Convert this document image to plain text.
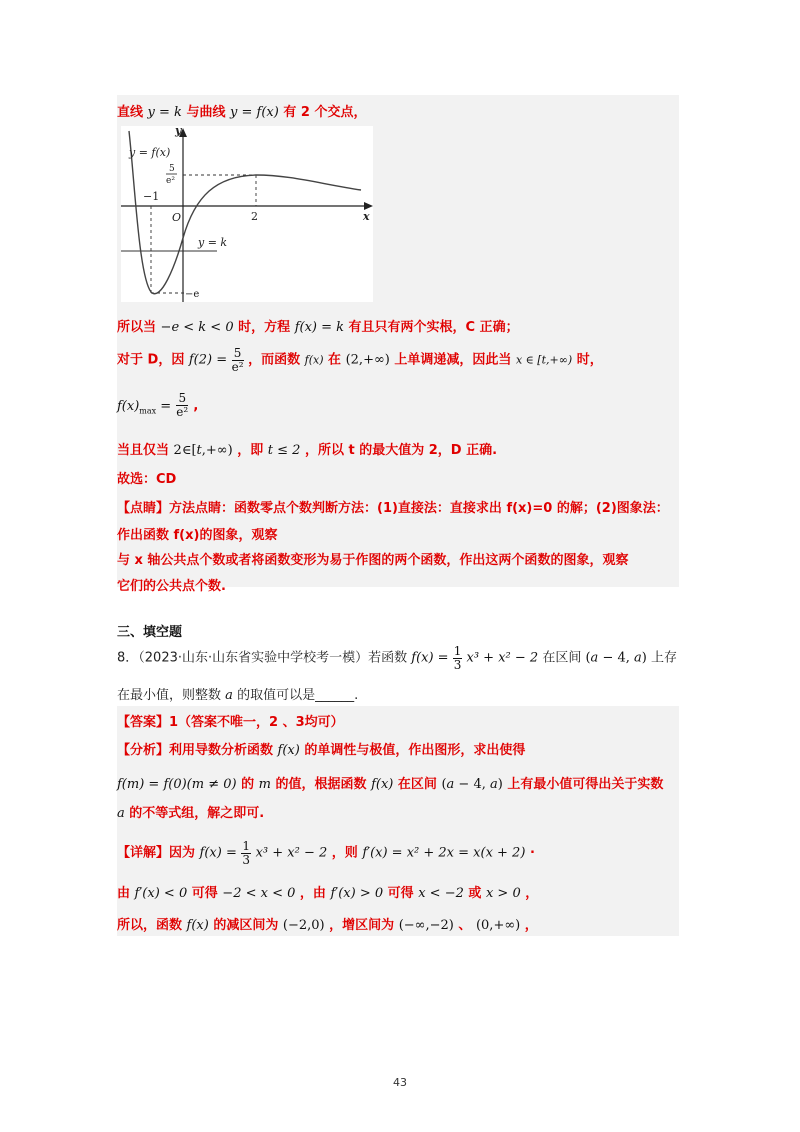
直线 y = k 与曲线 y = f(x) 有 2 个交点，
y = f(x)
y = k
y
x
O
−1
2
5
e²
−e
所以当 −e < k < 0 时，方程 f(x) = k 有且只有两个实根，C 正确；
对于 D，因 $f(2) = \frac{5}{\text{e²}}$ ，而函数 f(x) 在 (2,+∞) 上单调递减，因此当 x ∈ [t,+∞) 时，
$f(x)_{max} = \frac{5}{\text{e²}}$ ,
当且仅当 2∈[t,+∞) ，即 t ≤ 2 ，所以 t 的最大值为 2，D 正确.
故选：CD
【点睛】方法点睛：函数零点个数判断方法：(1)直接法：直接求出 f(x)=0 的解；(2)图象法：
作出函数 f(x)的图象，观察
与 x 轴公共点个数或者将函数变形为易于作图的两个函数，作出这两个函数的图象，观察
它们的公共点个数.
三、填空题
8．（2023·山东·山东省实验中学校考一模）若函数 $f(x) = \frac{1}{3} x^3 + x^2 - 2$ 在区间 (a − 4, a) 上存
在最小值，则整数 a 的取值可以是______.
【答案】1（答案不唯一，2 、3均可）
【分析】利用导数分析函数 f(x) 的单调性与极值，作出图形，求出使得
f(m) = f(0)(m ≠ 0) 的 m 的值，根据函数 f(x) 在区间 (a − 4, a) 上有最小值可得出关于实数
a 的不等式组，解之即可.
【详解】因为 $f(x) = \frac{1}{3} x^3 + x^2 - 2$ ，则 f′(x) = x² + 2x = x(x + 2) ·
由 f′(x) < 0 可得 −2 < x < 0 ，由 f′(x) > 0 可得 x < −2 或 x > 0 ，
所以，函数 f(x) 的减区间为 (−2,0) ，增区间为 (−∞,−2) 、 (0,+∞) ，
43
